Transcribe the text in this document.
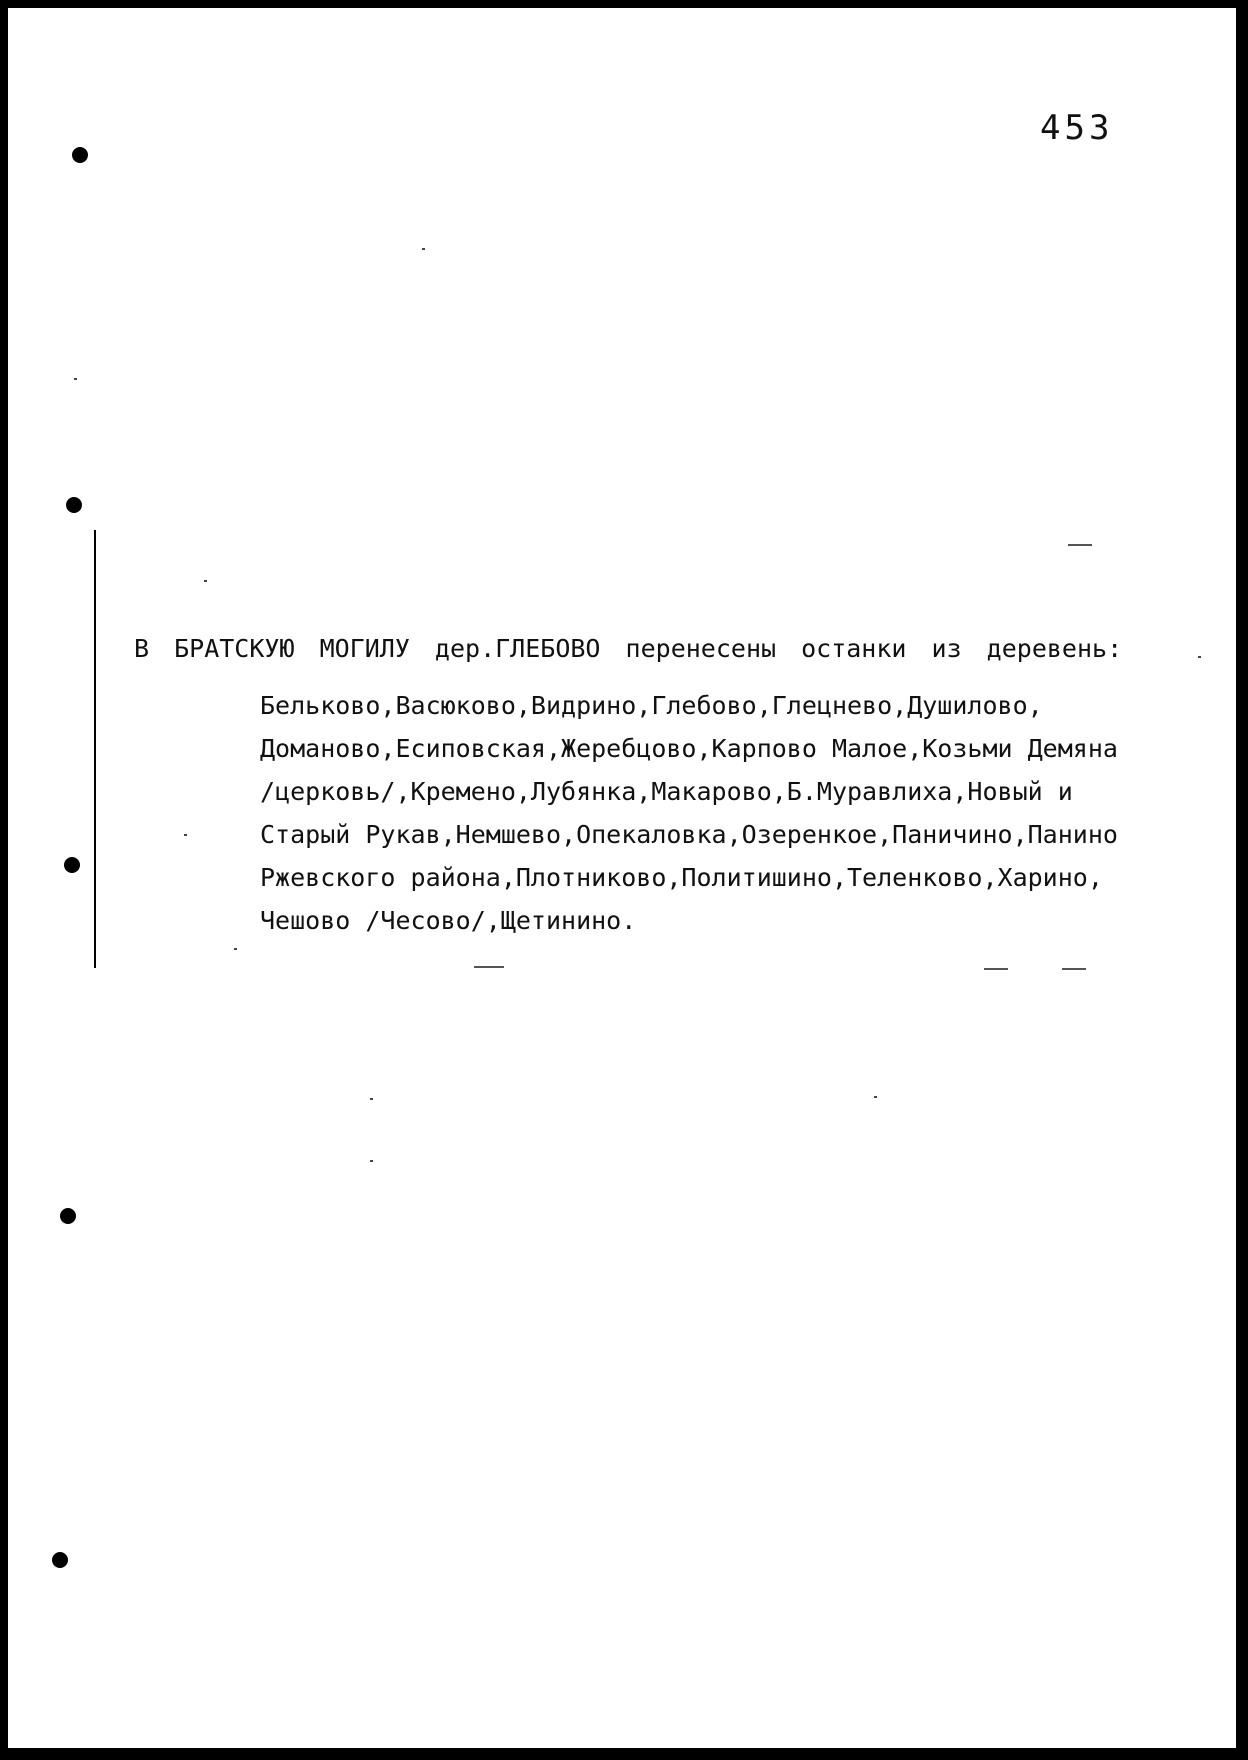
453
В БРАТСКУЮ МОГИЛУ дер.ГЛЕБОВО перенесены останки из деревень:
Белькoво,Васюково,Видрино,Глебово,Глецнево,Душилово,
Доманово,Есиповская,Жеребцово,Карпово Малое,Козьми Демяна
/церковь/,Кремено,Лубянка,Макарово,Б.Муравлиха,Новый и
Старый Рукав,Немшево,Опекаловка,Озеренкое,Паничино,Панино
Ржевского района,Плотниково,Политишино,Теленково,Харино,
Чешово /Чесово/,Щетинино.
